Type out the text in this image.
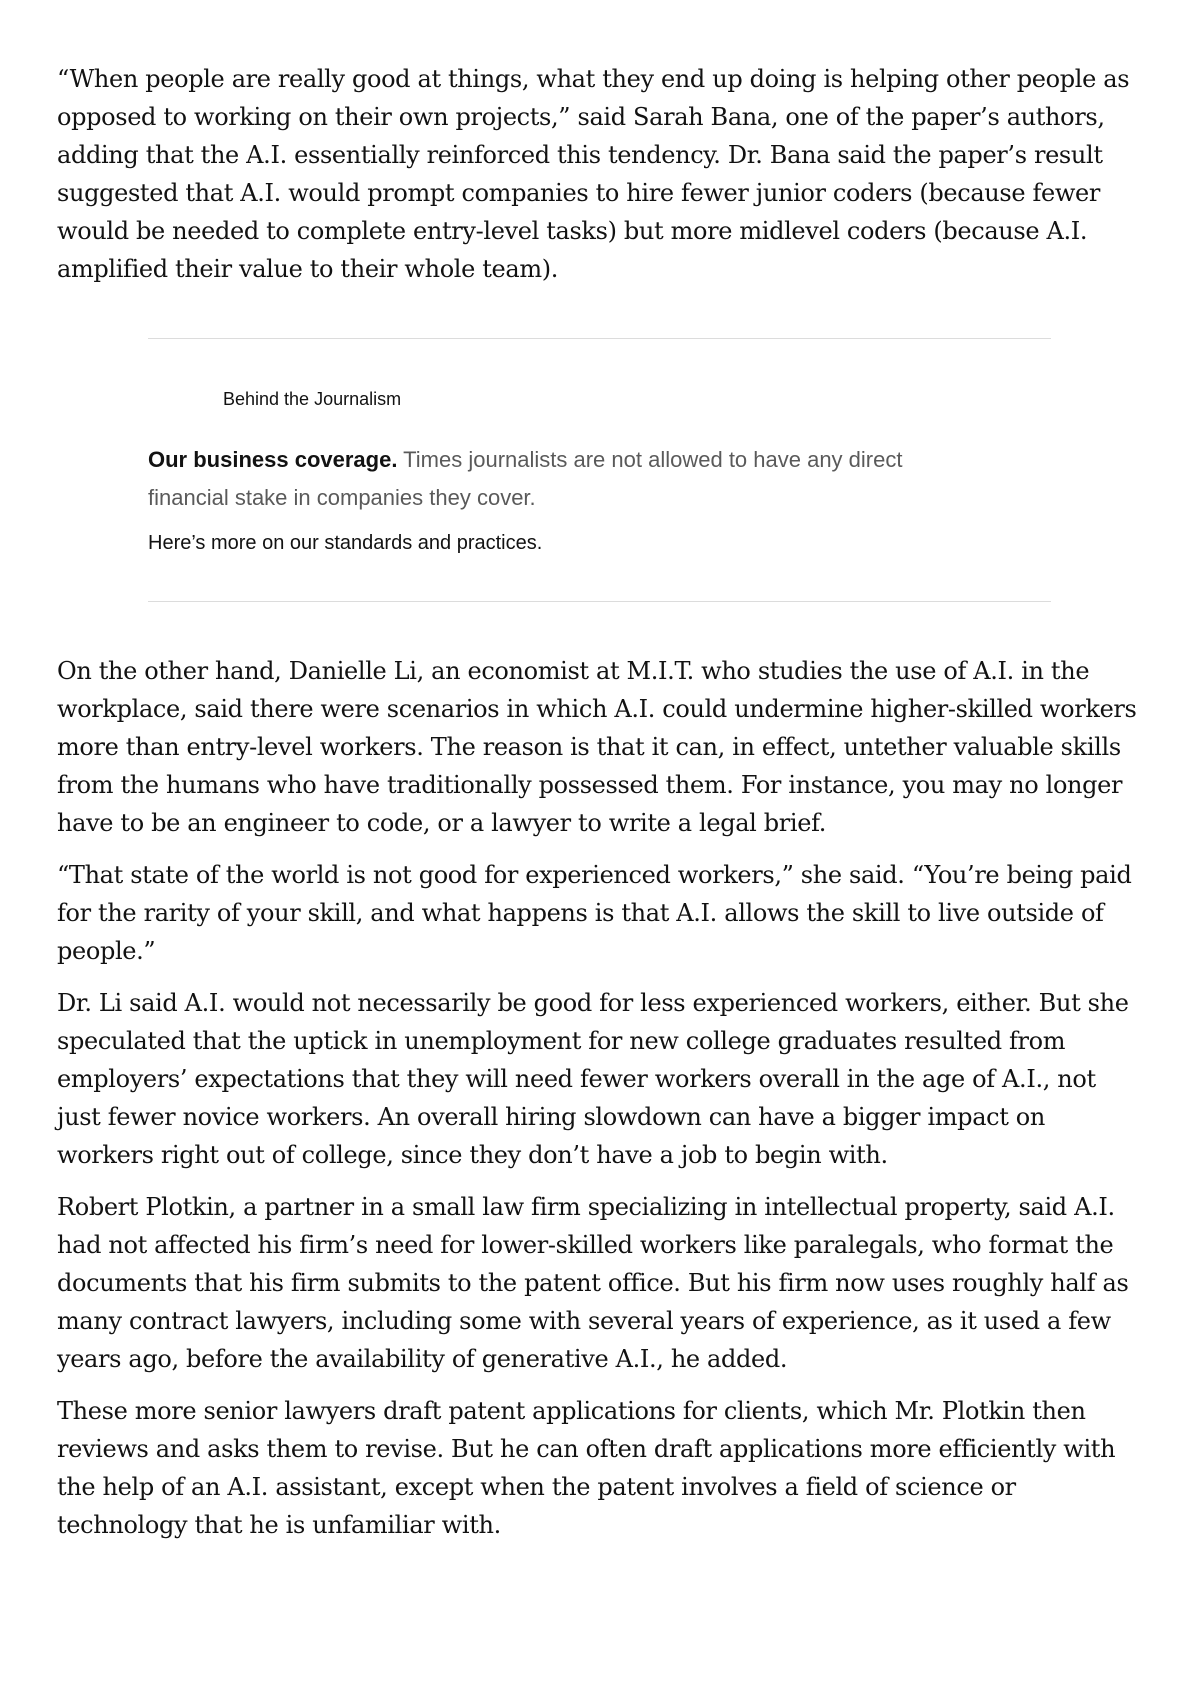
“When people are really good at things, what they end up doing is helping other people as opposed to working on their own projects,” said Sarah Bana, one of the paper’s authors, adding that the A.I. essentially reinforced this tendency. Dr. Bana said the paper’s result suggested that A.I. would prompt companies to hire fewer junior coders (because fewer would be needed to complete entry-level tasks) but more midlevel coders (because A.I. amplified their value to their whole team).

Behind the Journalism

Our business coverage. Times journalists are not allowed to have any direct financial stake in companies they cover.

Here’s more on our standards and practices.

On the other hand, Danielle Li, an economist at M.I.T. who studies the use of A.I. in the workplace, said there were scenarios in which A.I. could undermine higher-skilled workers more than entry-level workers. The reason is that it can, in effect, untether valuable skills from the humans who have traditionally possessed them. For instance, you may no longer have to be an engineer to code, or a lawyer to write a legal brief.

“That state of the world is not good for experienced workers,” she said. “You’re being paid for the rarity of your skill, and what happens is that A.I. allows the skill to live outside of people.”

Dr. Li said A.I. would not necessarily be good for less experienced workers, either. But she speculated that the uptick in unemployment for new college graduates resulted from employers’ expectations that they will need fewer workers overall in the age of A.I., not just fewer novice workers. An overall hiring slowdown can have a bigger impact on workers right out of college, since they don’t have a job to begin with.

Robert Plotkin, a partner in a small law firm specializing in intellectual property, said A.I. had not affected his firm’s need for lower-skilled workers like paralegals, who format the documents that his firm submits to the patent office. But his firm now uses roughly half as many contract lawyers, including some with several years of experience, as it used a few years ago, before the availability of generative A.I., he added.

These more senior lawyers draft patent applications for clients, which Mr. Plotkin then reviews and asks them to revise. But he can often draft applications more efficiently with the help of an A.I. assistant, except when the patent involves a field of science or technology that he is unfamiliar with.
